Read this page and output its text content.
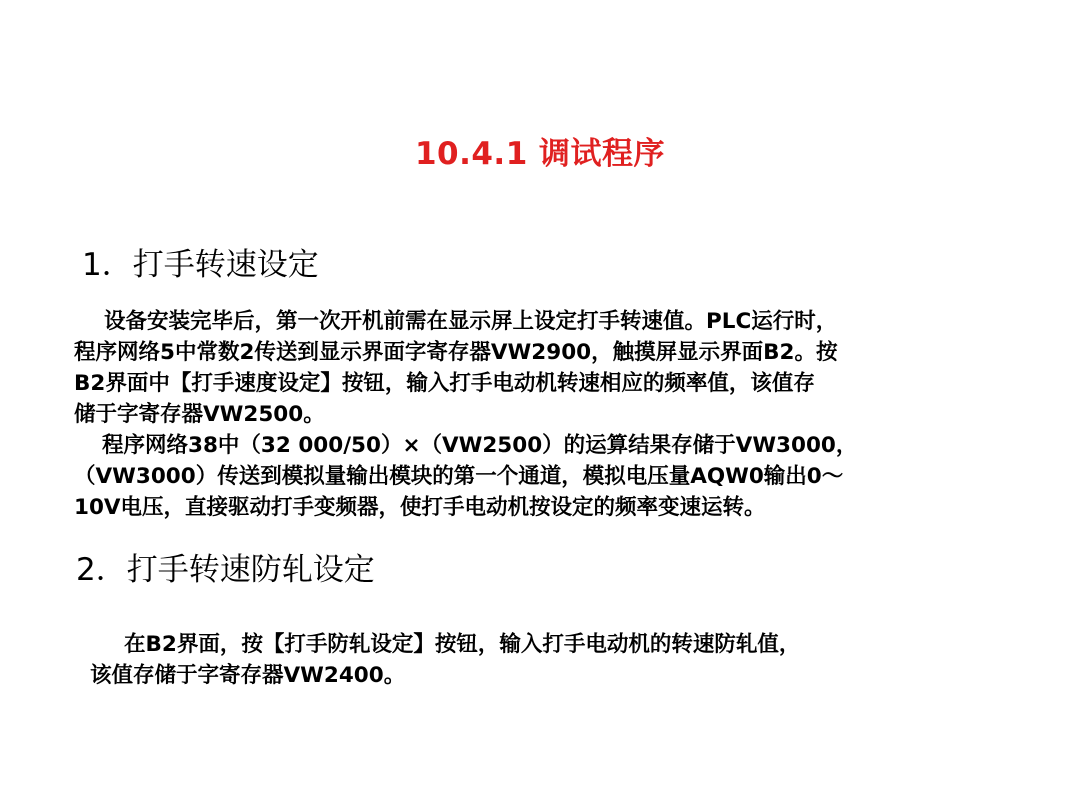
10.4.1 调试程序
1．打手转速设定
设备安装完毕后，第一次开机前需在显示屏上设定打手转速值。PLC运行时，
程序网络5中常数2传送到显示界面字寄存器VW2900，触摸屏显示界面B2。按
B2界面中【打手速度设定】按钮，输入打手电动机转速相应的频率值，该值存
储于字寄存器VW2500。
程序网络38中（32 000/50）×（VW2500）的运算结果存储于VW3000，
（VW3000）传送到模拟量输出模块的第一个通道，模拟电压量AQW0输出0～
10V电压，直接驱动打手变频器，使打手电动机按设定的频率变速运转。
2．打手转速防轧设定
在B2界面，按【打手防轧设定】按钮，输入打手电动机的转速防轧值，
该值存储于字寄存器VW2400。
